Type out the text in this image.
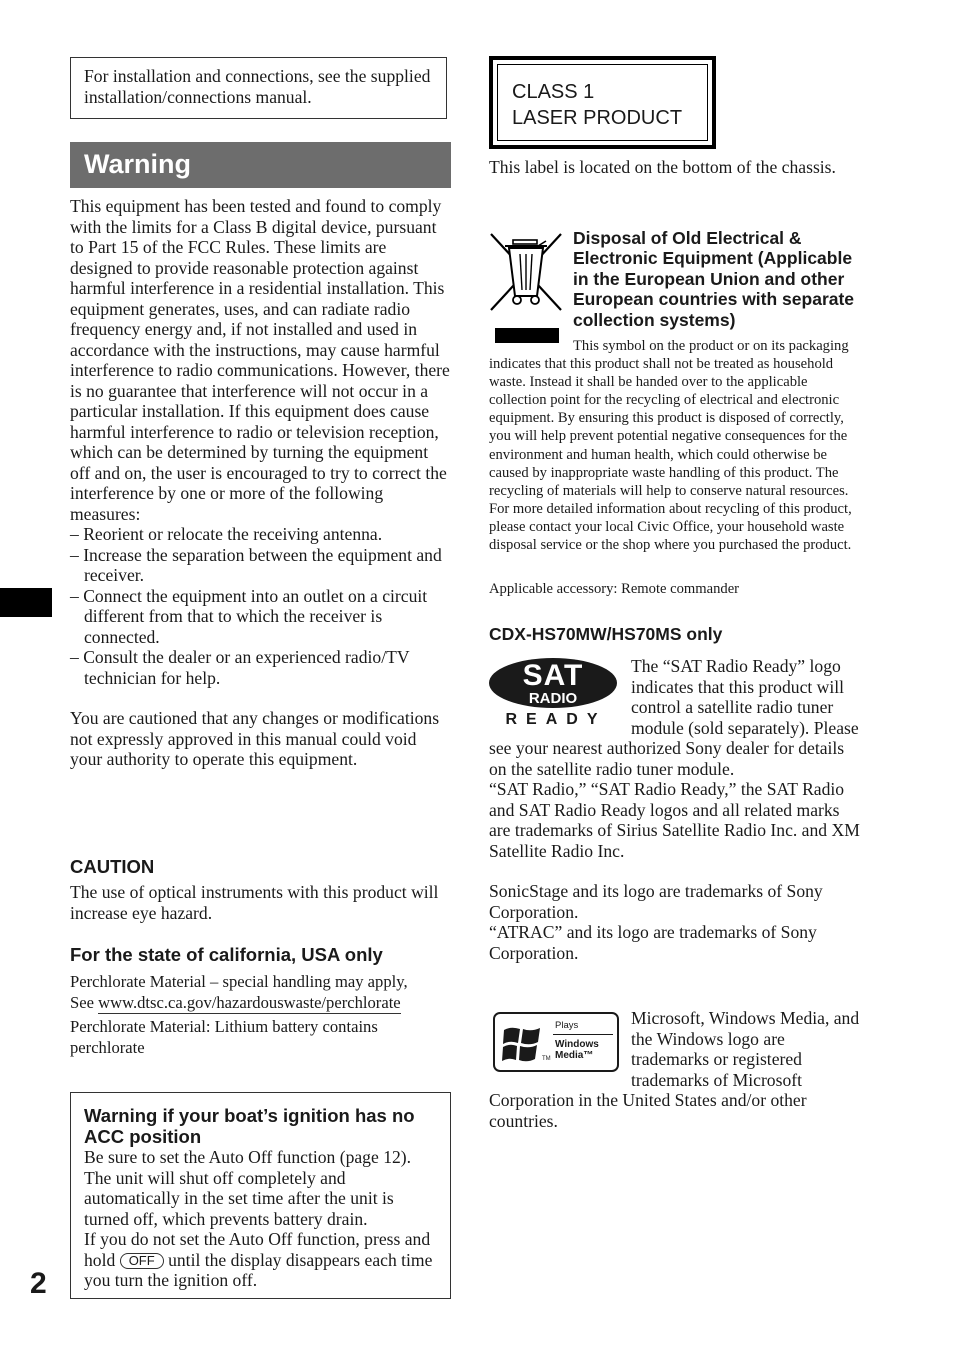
For installation and connections, see the supplied installation/connections manual.

Warning

This equipment has been tested and found to comply with the limits for a Class B digital device, pursuant to Part 15 of the FCC Rules. These limits are designed to provide reasonable protection against harmful interference in a residential installation. This equipment generates, uses, and can radiate radio frequency energy and, if not installed and used in accordance with the instructions, may cause harmful interference to radio communications. However, there is no guarantee that interference will not occur in a particular installation. If this equipment does cause harmful interference to radio or television reception, which can be determined by turning the equipment off and on, the user is encouraged to try to correct the interference by one or more of the following measures:

– Reorient or relocate the receiving antenna.
– Increase the separation between the equipment and receiver.
– Connect the equipment into an outlet on a circuit different from that to which the receiver is connected.
– Consult the dealer or an experienced radio/TV technician for help.

You are cautioned that any changes or modifications not expressly approved in this manual could void your authority to operate this equipment.

CAUTION
The use of optical instruments with this product will increase eye hazard.
For the state of california, USA only

Perchlorate Material – special handling may apply,

See www.dtsc.ca.gov/hazardouswaste/perchlorate

Perchlorate Material: Lithium battery contains perchlorate

Warning if your boat’s ignition has no ACC position

Be sure to set the Auto Off function (page 12). The unit will shut off completely and automatically in the set time after the unit is turned off, which prevents battery drain.

If you do not set the Auto Off function, press and hold OFF until the display disappears each time you turn the ignition off.

2
CLASS 1
LASER PRODUCT
This label is located on the bottom of the chassis.
Disposal of Old Electrical & Electronic Equipment (Applicable in the European Union and other European countries with separate collection systems)

This symbol on the product or on its packaging indicates that this product shall not be treated as household waste. Instead it shall be handed over to the applicable collection point for the recycling of electrical and electronic equipment. By ensuring this product is disposed of correctly, you will help prevent potential negative consequences for the environment and human health, which could otherwise be caused by inappropriate waste handling of this product. The recycling of materials will help to conserve natural resources. For more detailed information about recycling of this product, please contact your local Civic Office, your household waste disposal service or the shop where you purchased the product.

Applicable accessory: Remote commander
CDX-HS70MW/HS70MS only
SAT
RADIO
READY

The “SAT Radio Ready” logo indicates that this product will control a satellite radio tuner module (sold separately). Please see your nearest authorized Sony dealer for details on the satellite radio tuner module.

“SAT Radio,” “SAT Radio Ready,” the SAT Radio and SAT Radio Ready logos and all related marks are trademarks of Sirius Satellite Radio Inc. and XM Satellite Radio Inc.

SonicStage and its logo are trademarks of Sony Corporation.

“ATRAC” and its logo are trademarks of Sony Corporation.

Plays
Windows
Media™
TM

Microsoft, Windows Media, and the Windows logo are trademarks or registered trademarks of Microsoft Corporation in the United States and/or other countries.
